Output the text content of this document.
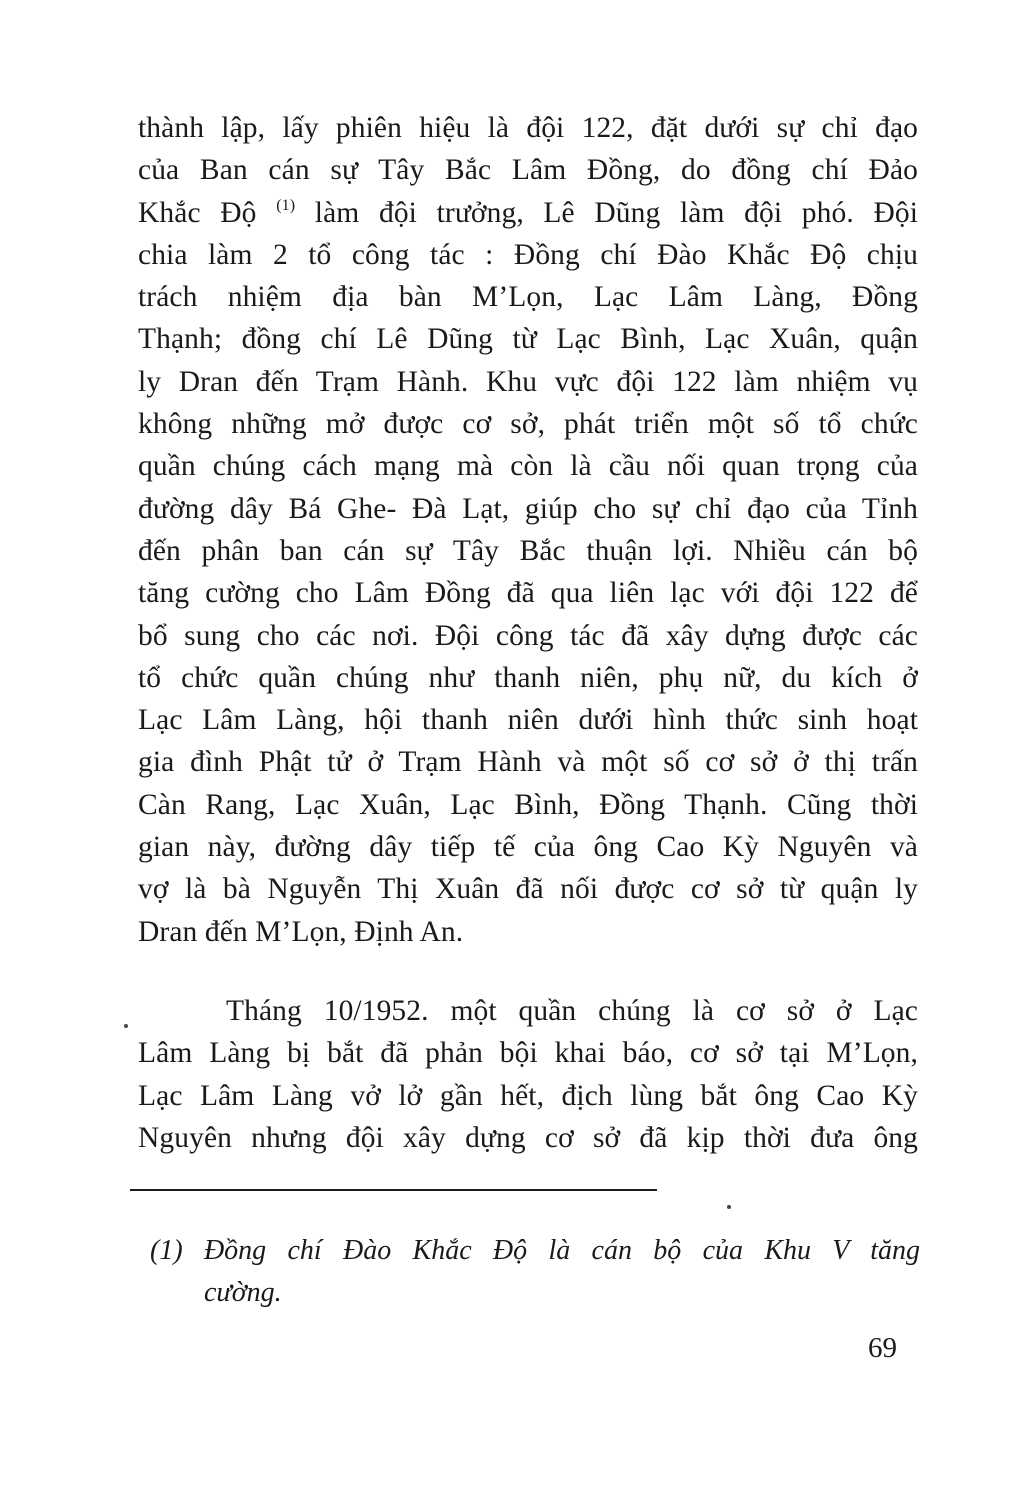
thành lập, lấy phiên hiệu là đội 122, đặt dưới sự chỉ đạo
của Ban cán sự Tây Bắc Lâm Đồng, do đồng chí Đảo
Khắc Độ $^{(1)}$ làm đội trưởng, Lê Dũng làm đội phó. Đội
chia làm 2 tổ công tác : Đồng chí Đào Khắc Độ chịu
trách nhiệm địa bàn M’Lọn, Lạc Lâm Làng, Đồng
Thạnh; đồng chí Lê Dũng từ Lạc Bình, Lạc Xuân, quận
ly Dran đến Trạm Hành. Khu vực đội 122 làm nhiệm vụ
không những mở được cơ sở, phát triển một số tổ chức
quần chúng cách mạng mà còn là cầu nối quan trọng của
đường dây Bá Ghe- Đà Lạt, giúp cho sự chỉ đạo của Tỉnh
đến phân ban cán sự Tây Bắc thuận lợi. Nhiều cán bộ
tăng cường cho Lâm Đồng đã qua liên lạc với đội 122 để
bổ sung cho các nơi. Đội công tác đã xây dựng được các
tổ chức quần chúng như thanh niên, phụ nữ, du kích ở
Lạc Lâm Làng, hội thanh niên dưới hình thức sinh hoạt
gia đình Phật tử ở Trạm Hành và một số cơ sở ở thị trấn
Càn Rang, Lạc Xuân, Lạc Bình, Đồng Thạnh. Cũng thời
gian này, đường dây tiếp tế của ông Cao Kỳ Nguyên và
vợ là bà Nguyễn Thị Xuân đã nối được cơ sở từ quận ly
Dran đến M’Lọn, Định An.
Tháng 10/1952. một quần chúng là cơ sở ở Lạc
Lâm Làng bị bắt đã phản bội khai báo, cơ sở tại M’Lọn,
Lạc Lâm Làng vở lở gần hết, địch lùng bắt ông Cao Kỳ
Nguyên nhưng đội xây dựng cơ sở đã kịp thời đưa ông
(1) Đồng chí Đào Khắc Độ là cán bộ của Khu V tăng
cường.
69
